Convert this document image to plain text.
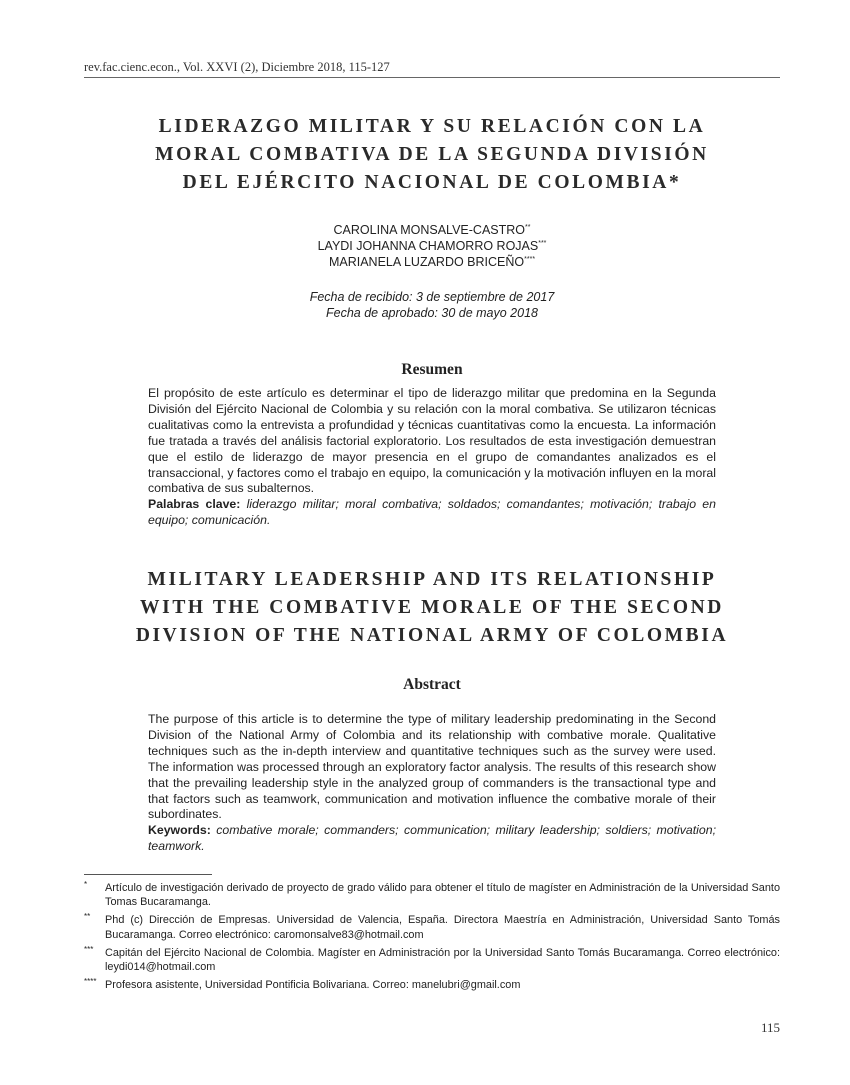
rev.fac.cienc.econ., Vol. XXVI (2), Diciembre 2018, 115-127
LIDERAZGO MILITAR Y SU RELACIÓN CON LA
MORAL COMBATIVA DE LA SEGUNDA DIVISIÓN
DEL EJÉRCITO NACIONAL DE COLOMBIA*
CAROLINA MONSALVE-CASTRO**
LAYDI JOHANNA CHAMORRO ROJAS***
MARIANELA LUZARDO BRICEÑO****
Fecha de recibido: 3 de septiembre de 2017
Fecha de aprobado: 30 de mayo 2018
Resumen

El propósito de este artículo es determinar el tipo de liderazgo militar que predomina en la Segunda División del Ejército Nacional de Colombia y su relación con la moral combativa. Se utilizaron técnicas cualitativas como la entrevista a profundidad y técnicas cuantitativas como la encuesta. La información fue tratada a través del análisis factorial exploratorio. Los resultados de esta investigación demuestran que el estilo de liderazgo de mayor presencia en el grupo de comandantes analizados es el transaccional, y factores como el trabajo en equipo, la comunicación y la motivación influyen en la moral combativa de sus subalternos.

Palabras clave: liderazgo militar; moral combativa; soldados; comandantes; motivación; trabajo en equipo; comunicación.

MILITARY LEADERSHIP AND ITS RELATIONSHIP
WITH THE COMBATIVE MORALE OF THE SECOND
DIVISION OF THE NATIONAL ARMY OF COLOMBIA
Abstract

The purpose of this article is to determine the type of military leadership predominating in the Second Division of the National Army of Colombia and its relationship with combative morale. Qualitative techniques such as the in-depth interview and quantitative techniques such as the survey were used. The information was processed through an exploratory factor analysis. The results of this research show that the prevailing leadership style in the analyzed group of commanders is the transactional type and that factors such as teamwork, communication and motivation influence the combative morale of their subordinates.

Keywords: combative morale; commanders; communication; military leadership; soldiers; motivation; teamwork.

* Artículo de investigación derivado de proyecto de grado válido para obtener el título de magíster en Administración de la Universidad Santo Tomas Bucaramanga.
** Phd (c) Dirección de Empresas. Universidad de Valencia, España. Directora Maestría en Administración, Universidad Santo Tomás Bucaramanga. Correo electrónico: caromonsalve83@hotmail.com
*** Capitán del Ejército Nacional de Colombia. Magíster en Administración por la Universidad Santo Tomás Bucaramanga. Correo electrónico: leydi014@hotmail.com
**** Profesora asistente, Universidad Pontificia Bolivariana. Correo: manelubri@gmail.com
115
